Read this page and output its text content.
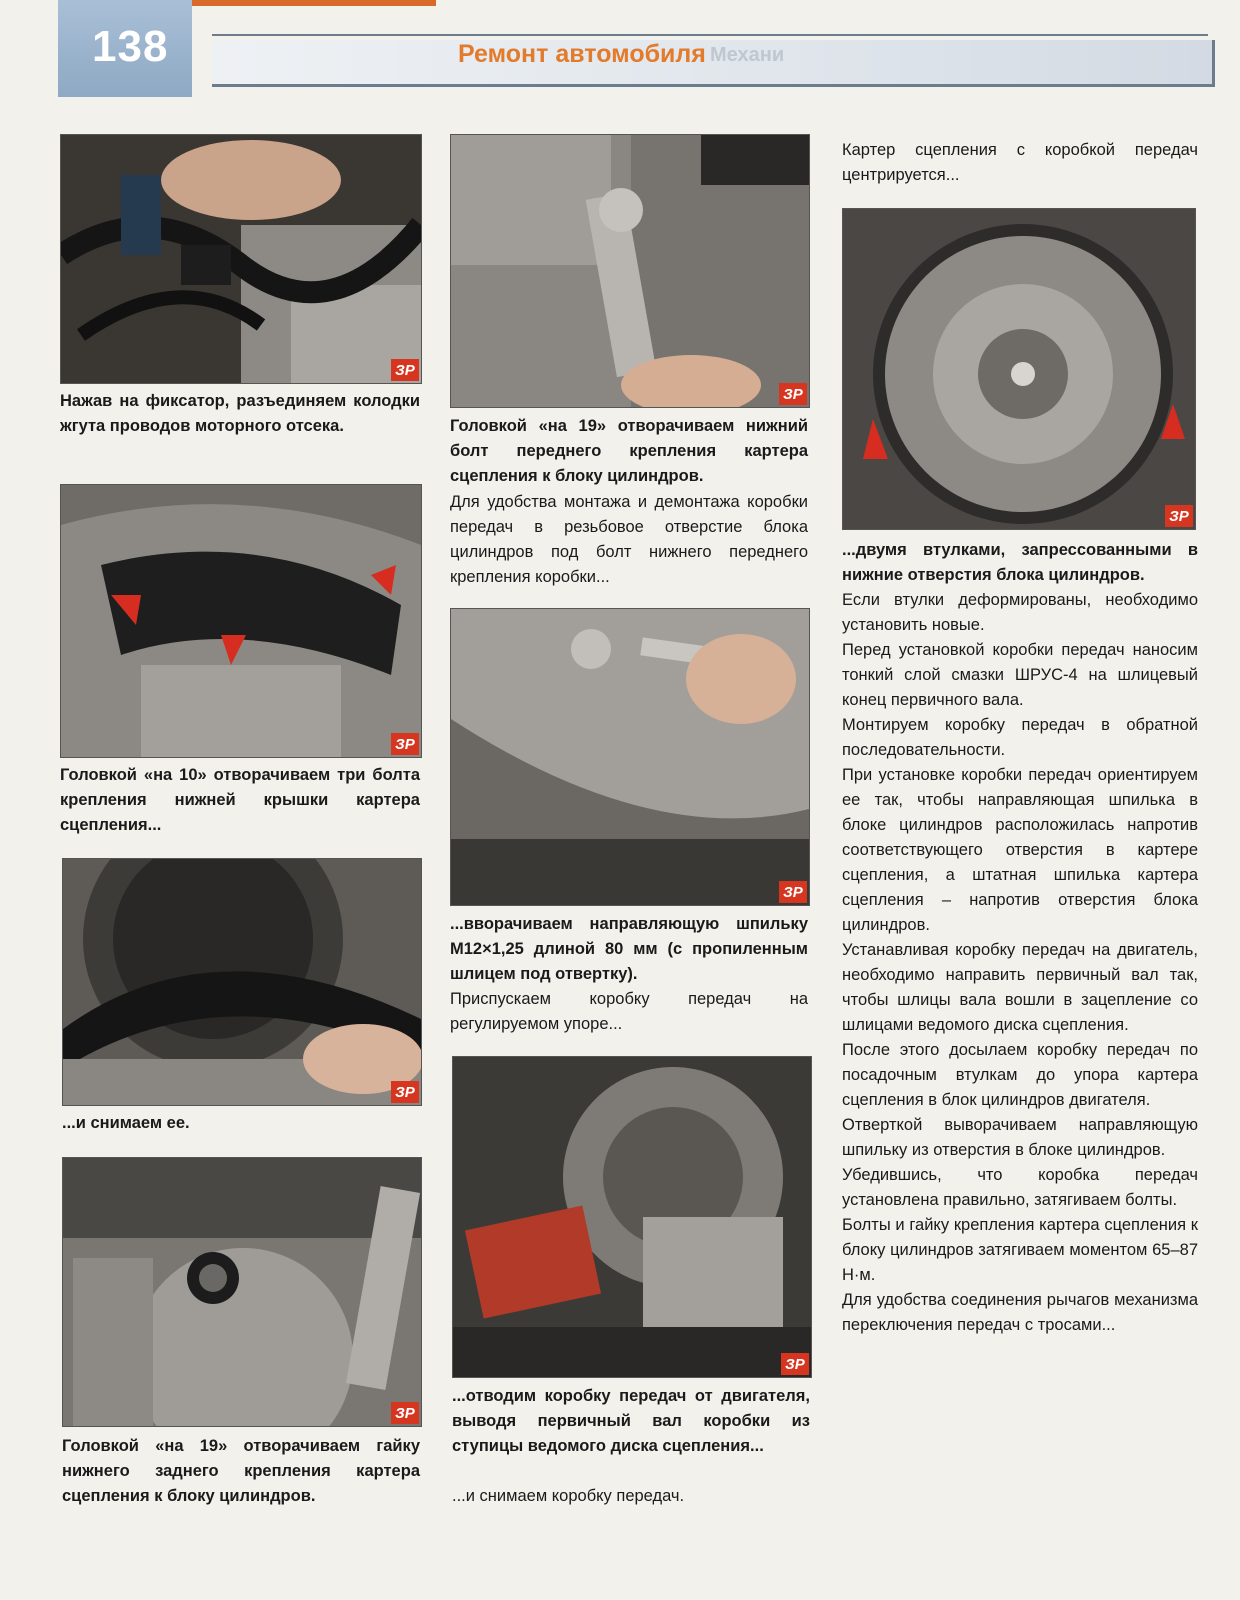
138	Ремонт автомобиля Механи
ЗР
Нажав на фиксатор, разъединяем колодки жгута проводов моторного отсека.
ЗР
Головкой «на 10» отворачиваем три болта крепления нижней крышки картера сцепления...
ЗР
...и снимаем ее.
ЗР
Головкой «на 19» отворачиваем гайку нижнего заднего крепления картера сцепления к блоку цилиндров.
ЗР
Головкой «на 19» отворачиваем нижний болт переднего крепления картера сцепления к блоку цилиндров.
Для удобства монтажа и демонтажа коробки передач в резьбовое отверстие блока цилиндров под болт нижнего переднего крепления коробки...
ЗР
...вворачиваем направляющую шпильку M12×1,25 длиной 80 мм (с пропиленным шлицем под отвертку).
Приспускаем коробку передач на регулируемом упоре...
ЗР
...отводим коробку передач от двигателя, выводя первичный вал коробки из ступицы ведомого диска сцепления...
...и снимаем коробку передач.
Картер сцепления с коробкой передач центрируется...
ЗР
...двумя втулками, запрессованными в нижние отверстия блока цилиндров.

Если втулки деформированы, необходимо установить новые.

Перед установкой коробки передач наносим тонкий слой смазки ШРУС-4 на шлицевый конец первичного вала.

Монтируем коробку передач в обратной последовательности.

При установке коробки передач ориентируем ее так, чтобы направляющая шпилька в блоке цилиндров расположилась напротив соответствующего отверстия в картере сцепления, а штатная шпилька картера сцепления – напротив отверстия блока цилиндров.

Устанавливая коробку передач на двигатель, необходимо направить первичный вал так, чтобы шлицы вала вошли в зацепление со шлицами ведомого диска сцепления.

После этого досылаем коробку передач по посадочным втулкам до упора картера сцепления в блок цилиндров двигателя.

Отверткой выворачиваем направляющую шпильку из отверстия в блоке цилиндров.

Убедившись, что коробка передач установлена правильно, затягиваем болты.

Болты и гайку крепления картера сцепления к блоку цилиндров затягиваем моментом 65–87 Н·м.

Для удобства соединения рычагов механизма переключения передач с тросами...
